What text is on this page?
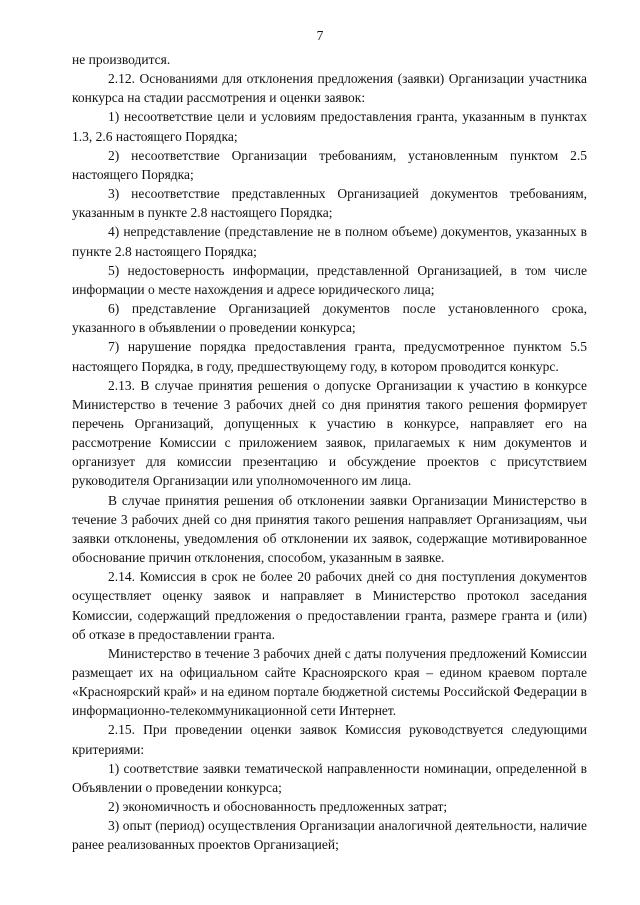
7

не производится.

2.12. Основаниями для отклонения предложения (заявки) Организации участника конкурса на стадии рассмотрения и оценки заявок:

1) несоответствие цели и условиям предоставления гранта, указанным в пунктах 1.3, 2.6 настоящего Порядка;

2) несоответствие Организации требованиям, установленным пунктом 2.5 настоящего Порядка;

3) несоответствие представленных Организацией документов требованиям, указанным в пункте 2.8 настоящего Порядка;

4) непредставление (представление не в полном объеме) документов, указанных в пункте 2.8 настоящего Порядка;

5) недостоверность информации, представленной Организацией, в том числе информации о месте нахождения и адресе юридического лица;

6) представление Организацией документов после установленного срока, указанного в объявлении о проведении конкурса;

7) нарушение порядка предоставления гранта, предусмотренное пунктом 5.5 настоящего Порядка, в году, предшествующему году, в котором проводится конкурс.

2.13. В случае принятия решения о допуске Организации к участию в конкурсе Министерство в течение 3 рабочих дней со дня принятия такого решения формирует перечень Организаций, допущенных к участию в конкурсе, направляет его на рассмотрение Комиссии с приложением заявок, прилагаемых к ним документов и организует для комиссии презентацию и обсуждение проектов с присутствием руководителя Организации или уполномоченного им лица.

В случае принятия решения об отклонении заявки Организации Министерство в течение 3 рабочих дней со дня принятия такого решения направляет Организациям, чьи заявки отклонены, уведомления об отклонении их заявок, содержащие мотивированное обоснование причин отклонения, способом, указанным в заявке.

2.14. Комиссия в срок не более 20 рабочих дней со дня поступления документов осуществляет оценку заявок и направляет в Министерство протокол заседания Комиссии, содержащий предложения о предоставлении гранта, размере гранта и (или) об отказе в предоставлении гранта.

Министерство в течение 3 рабочих дней с даты получения предложений Комиссии размещает их на официальном сайте Красноярского края – едином краевом портале «Красноярский край» и на едином портале бюджетной системы Российской Федерации в информационно-телекоммуникационной сети Интернет.

2.15. При проведении оценки заявок Комиссия руководствуется следующими критериями:

1) соответствие заявки тематической направленности номинации, определенной в Объявлении о проведении конкурса;

2) экономичность и обоснованность предложенных затрат;

3) опыт (период) осуществления Организации аналогичной деятельности, наличие ранее реализованных проектов Организацией;
